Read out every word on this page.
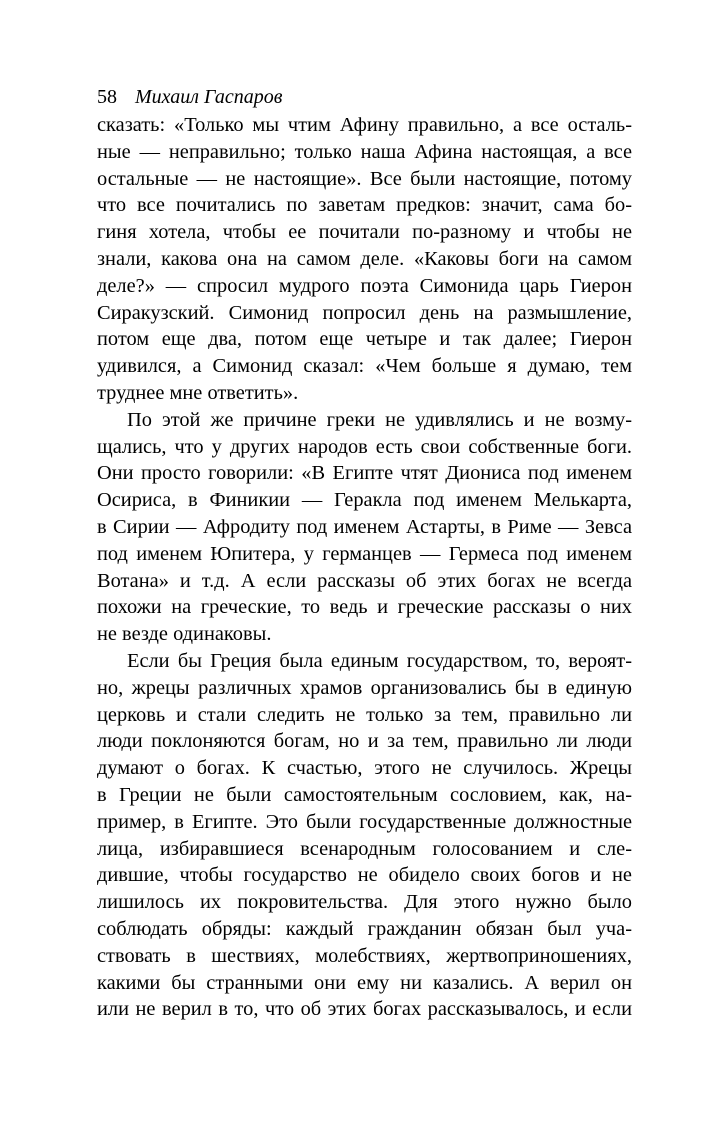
58 Михаил Гаспаров
сказать: «Только мы чтим Афину правильно, а все осталь-
ные — неправильно; только наша Афина настоящая, а все
остальные — не настоящие». Все были настоящие, потому
что все почитались по заветам предков: значит, сама бо-
гиня хотела, чтобы ее почитали по-разному и чтобы не
знали, какова она на самом деле. «Каковы боги на самом
деле?» — спросил мудрого поэта Симонида царь Гиерон
Сиракузский. Симонид попросил день на размышление,
потом еще два, потом еще четыре и так далее; Гиерон
удивился, а Симонид сказал: «Чем больше я думаю, тем
труднее мне ответить».
По этой же причине греки не удивлялись и не возму-
щались, что у других народов есть свои собственные боги.
Они просто говорили: «В Египте чтят Диониса под именем
Осириса, в Финикии — Геракла под именем Мелькарта,
в Сирии — Афродиту под именем Астарты, в Риме — Зевса
под именем Юпитера, у германцев — Гермеса под именем
Вотана» и т.д. А если рассказы об этих богах не всегда
похожи на греческие, то ведь и греческие рассказы о них
не везде одинаковы.
Если бы Греция была единым государством, то, вероят-
но, жрецы различных храмов организовались бы в единую
церковь и стали следить не только за тем, правильно ли
люди поклоняются богам, но и за тем, правильно ли люди
думают о богах. К счастью, этого не случилось. Жрецы
в Греции не были самостоятельным сословием, как, на-
пример, в Египте. Это были государственные должностные
лица, избиравшиеся всенародным голосованием и сле-
дившие, чтобы государство не обидело своих богов и не
лишилось их покровительства. Для этого нужно было
соблюдать обряды: каждый гражданин обязан был уча-
ствовать в шествиях, молебствиях, жертвоприношениях,
какими бы странными они ему ни казались. А верил он
или не верил в то, что об этих богах рассказывалось, и если
